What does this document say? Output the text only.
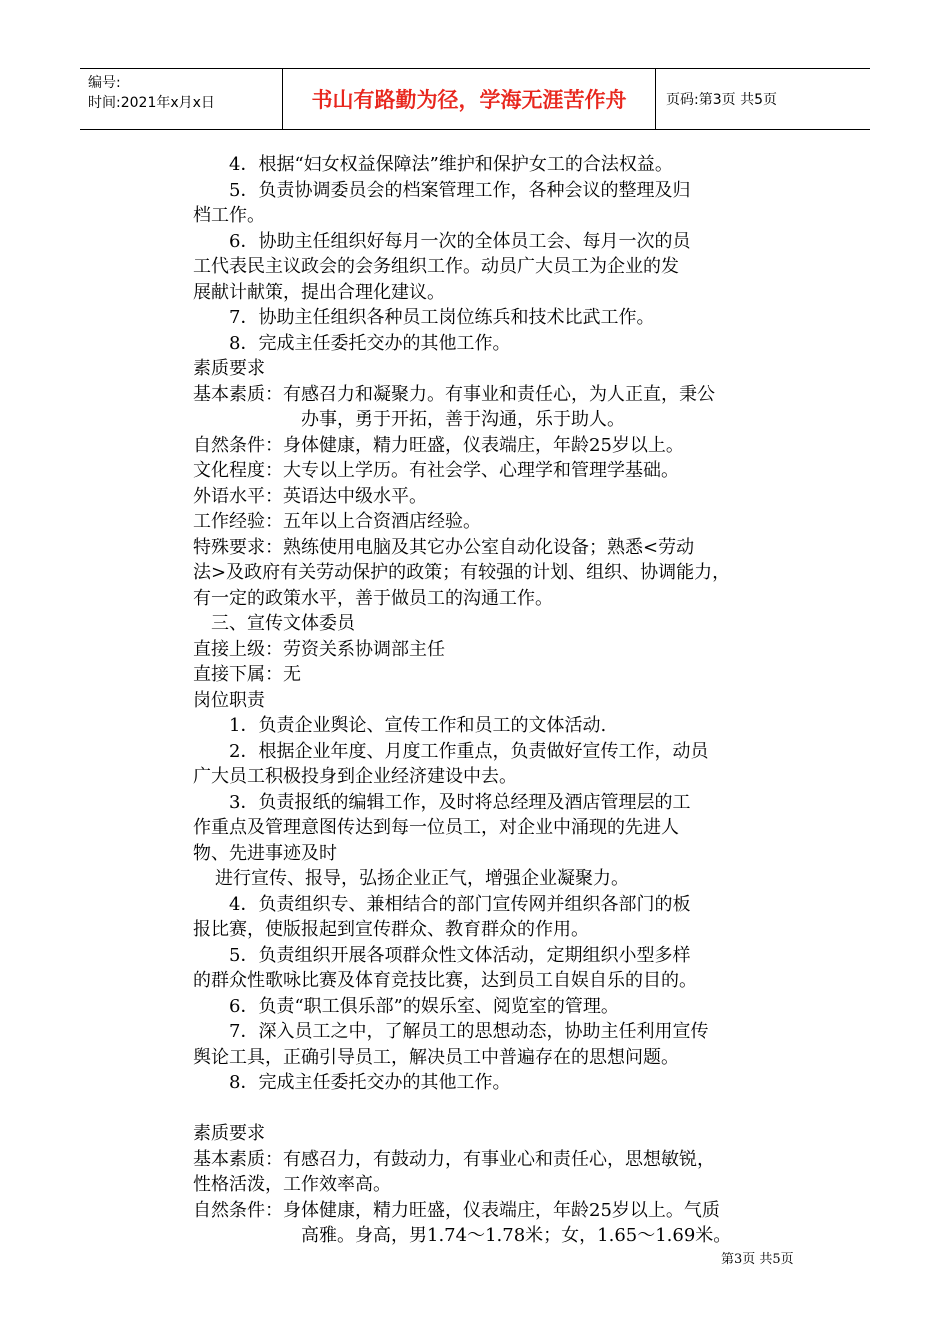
编号:
时间:2021年x月x日	书山有路勤为径，学海无涯苦作舟	页码:第3页 共5页
4．根据“妇女权益保障法”维护和保护女工的合法权益。
5．负责协调委员会的档案管理工作，各种会议的整理及归
档工作。
6．协助主任组织好每月一次的全体员工会、每月一次的员
工代表民主议政会的会务组织工作。动员广大员工为企业的发
展献计献策，提出合理化建议。
7．协助主任组织各种员工岗位练兵和技术比武工作。
8．完成主任委托交办的其他工作。
素质要求
基本素质：有感召力和凝聚力。有事业和责任心，为人正直，秉公
办事，勇于开拓，善于沟通，乐于助人。
自然条件：身体健康，精力旺盛，仪表端庄，年龄25岁以上。
文化程度：大专以上学历。有社会学、心理学和管理学基础。
外语水平：英语达中级水平。
工作经验：五年以上合资酒店经验。
特殊要求：熟练使用电脑及其它办公室自动化设备；熟悉<劳动
法>及政府有关劳动保护的政策；有较强的计划、组织、协调能力，
有一定的政策水平，善于做员工的沟通工作。
三、宣传文体委员
直接上级：劳资关系协调部主任
直接下属：无
岗位职责
1．负责企业舆论、宣传工作和员工的文体活动.
2．根据企业年度、月度工作重点，负责做好宣传工作，动员
广大员工积极投身到企业经济建设中去。
3．负责报纸的编辑工作，及时将总经理及酒店管理层的工
作重点及管理意图传达到每一位员工，对企业中涌现的先进人
物、先进事迹及时
进行宣传、报导，弘扬企业正气，增强企业凝聚力。
4．负责组织专、兼相结合的部门宣传网并组织各部门的板
报比赛，使版报起到宣传群众、教育群众的作用。
5．负责组织开展各项群众性文体活动，定期组织小型多样
的群众性歌咏比赛及体育竞技比赛，达到员工自娱自乐的目的。
6．负责“职工俱乐部”的娱乐室、阅览室的管理。
7．深入员工之中，了解员工的思想动态，协助主任利用宣传
舆论工具，正确引导员工，解决员工中普遍存在的思想问题。
8．完成主任委托交办的其他工作。
素质要求
基本素质：有感召力，有鼓动力，有事业心和责任心，思想敏锐，
性格活泼，工作效率高。
自然条件：身体健康，精力旺盛，仪表端庄，年龄25岁以上。气质
高雅。身高，男1.74～1.78米；女，1.65～1.69米。
第3页 共5页
